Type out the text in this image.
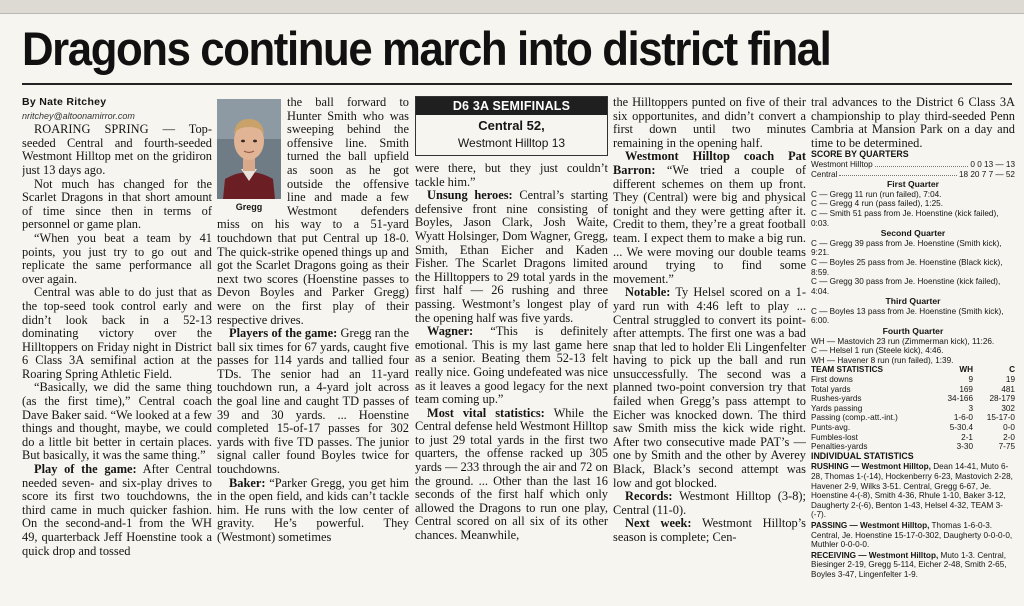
Dragons continue march into district final

By Nate Ritchey

nritchey@altoonamirror.com

ROARING SPRING — Top-seeded Central and fourth-seeded Westmont Hilltop met on the gridiron just 13 days ago.

Not much has changed for the Scarlet Dragons in that short amount of time since then in terms of personnel or game plan.

“When you beat a team by 41 points, you just try to go out and replicate the same performance all over again.

Central was able to do just that as the top-seed took control early and didn’t look back in a 52-13 dominating victory over the Hilltoppers on Friday night in District 6 Class 3A semifinal action at the Roaring Spring Athletic Field.

“Basically, we did the same thing (as the first time),” Central coach Dave Baker said. “We looked at a few things and thought, maybe, we could do a little bit better in certain places. But basically, it was the same thing.”

Play of the game: After Central needed seven- and six-play drives to score its first two touchdowns, the third came in much quicker fashion. On the second-and-1 from the WH 49, quarterback Jeff Hoenstine took a quick drop and tossed

Gregg

the ball forward to Hunter Smith who was sweeping behind the offensive line. Smith turned the ball upfield as soon as he got outside the offensive line and made a few Westmont defenders miss on his way to a 51-yard touchdown that put Central up 18-0. The quick-strike opened things up and got the Scarlet Dragons going as their next two scores (Hoenstine passes to Devon Boyles and Parker Gregg) were on the first play of their respective drives.

Players of the game: Gregg ran the ball six times for 67 yards, caught five passes for 114 yards and tallied four TDs. The senior had an 11-yard touchdown run, a 4-yard jolt across the goal line and caught TD passes of 39 and 30 yards. ... Hoenstine completed 15-of-17 passes for 302 yards with five TD passes. The junior signal caller found Boyles twice for touchdowns.

Baker: “Parker Gregg, you get him in the open field, and kids can’t tackle him. He runs with the low center of gravity. He’s powerful. They (Westmont) sometimes

D6 3A SEMIFINALS
Central 52,
Westmont Hilltop 13

were there, but they just couldn’t tackle him.”

Unsung heroes: Central’s starting defensive front nine consisting of Boyles, Jason Clark, Josh Waite, Wyatt Holsinger, Dom Wagner, Gregg, Smith, Ethan Eicher and Kaden Fisher. The Scarlet Dragons limited the Hilltoppers to 29 total yards in the first half — 26 rushing and three passing. Westmont’s longest play of the opening half was five yards.

Wagner: “This is definitely emotional. This is my last game here as a senior. Beating them 52-13 felt really nice. Going undefeated was nice as it leaves a good legacy for the next team coming up.”

Most vital statistics: While the Central defense held Westmont Hilltop to just 29 total yards in the first two quarters, the offense racked up 305 yards — 233 through the air and 72 on the ground. ... Other than the last 16 seconds of the first half which only allowed the Dragons to run one play, Central scored on all six of its other chances. Meanwhile,

the Hilltoppers punted on five of their six opportunites, and didn’t convert a first down until two minutes remaining in the opening half.

Westmont Hilltop coach Pat Barron: “We tried a couple of different schemes on them up front. They (Central) were big and physical tonight and they were getting after it. Credit to them, they’re a great football team. I expect them to make a big run. ... We were moving our double teams around trying to find some movement.”

Notable: Ty Helsel scored on a 1-yard run with 4:46 left to play ... Central struggled to convert its point-after attempts. The first one was a bad snap that led to holder Eli Lingenfelter having to pick up the ball and run unsuccessfully. The second was a planned two-point conversion try that failed when Gregg’s pass attempt to Eicher was knocked down. The third saw Smith miss the kick wide right. After two consecutive made PAT’s — one by Smith and the other by Averey Black, Black’s second attempt was low and got blocked.

Records: Westmont Hilltop (3-8); Central (11-0).

Next week: Westmont Hilltop’s season is complete; Cen-

tral advances to the District 6 Class 3A championship to play third-seeded Penn Cambria at Mansion Park on a day and time to be determined.

SCORE BY QUARTERS
Westmont Hilltop	0 0 13 — 13
Central	18 20 7 7 — 52
First Quarter
C — Gregg 11 run (run failed), 7:04.
C — Gregg 4 run (pass failed), 1:25.
C — Smith 51 pass from Je. Hoenstine (kick failed), 0:03.
Second Quarter
C — Gregg 39 pass from Je. Hoenstine (Smith kick), 9:21.
C — Boyles 25 pass from Je. Hoenstine (Black kick), 8:59.
C — Gregg 30 pass from Je. Hoenstine (kick failed), 4:04.
Third Quarter
C — Boyles 13 pass from Je. Hoenstine (Smith kick), 6:00.
Fourth Quarter
WH — Mastovich 23 run (Zimmerman kick), 11:26.
C — Helsel 1 run (Steele kick), 4:46.
WH — Havener 8 run (run failed), 1:39.
TEAM STATISTICS	WH	C
First downs	9	19
Total yards	169	481
Rushes-yards	34-166	28-179
Yards passing	3	302
Passing (comp.-att.-int.)	1-6-0	15-17-0
Punts-avg.	5-30.4	0-0
Fumbles-lost	2-1	2-0
Penalties-yards	3-30	7-75
INDIVIDUAL STATISTICS
RUSHING — Westmont Hilltop, Dean 14-41, Muto 6-28, Thomas 1-(-14), Hockenberry 6-23, Mastovich 2-28, Havener 2-9, Wilks 3-51. Central, Gregg 6-67, Je. Hoenstine 4-(-8), Smith 4-36, Rhule 1-10, Baker 3-12, Daugherty 2-(-6), Benton 1-43, Helsel 4-32, TEAM 3-(-7).
PASSING — Westmont Hilltop, Thomas 1-6-0-3. Central, Je. Hoenstine 15-17-0-302, Daugherty 0-0-0-0, Muthler 0-0-0-0.
RECEIVING — Westmont Hilltop, Muto 1-3. Central, Biesinger 2-19, Gregg 5-114, Eicher 2-48, Smith 2-65, Boyles 3-47, Lingenfelter 1-9.
